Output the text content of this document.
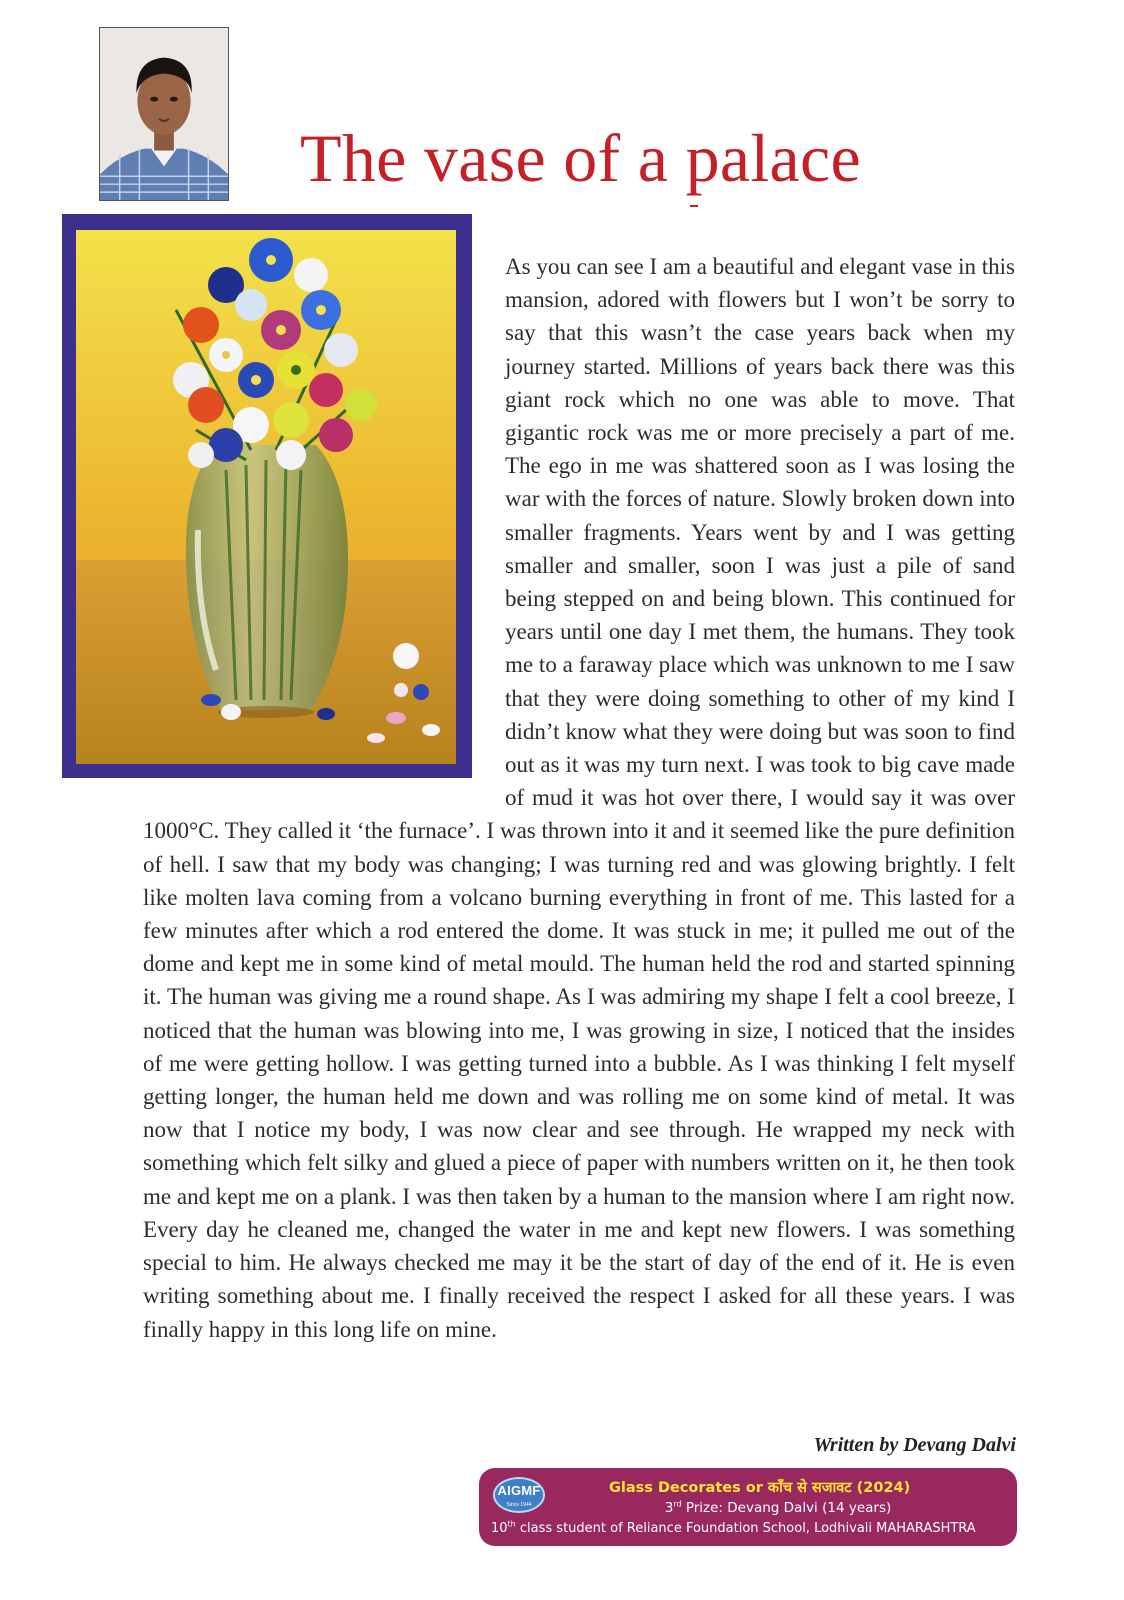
The vase of a palace

As you can see I am a beautiful and elegant vase in this mansion, adored with flowers but I won’t be sorry to say that this wasn’t the case years back when my journey started. Millions of years back there was this giant rock which no one was able to move. That gigantic rock was me or more precisely a part of me. The ego in me was shattered soon as I was losing the war with the forces of nature. Slowly broken down into smaller fragments. Years went by and I was getting smaller and smaller, soon I was just a pile of sand being stepped on and being blown. This continued for years until one day I met them, the humans. They took me to a faraway place which was unknown to me I saw that they were doing something to other of my kind I didn’t know what they were doing but was soon to find out as it was my turn next. I was took to big cave made of mud it was hot over there, I would say it was over 1000°C. They called it ‘the furnace’. I was thrown into it and it seemed like the pure definition of hell. I saw that my body was changing; I was turning red and was glowing brightly. I felt like molten lava coming from a volcano burning everything in front of me. This lasted for a few minutes after which a rod entered the dome. It was stuck in me; it pulled me out of the dome and kept me in some kind of metal mould. The human held the rod and started spinning it. The human was giving me a round shape. As I was admiring my shape I felt a cool breeze, I noticed that the human was blowing into me, I was growing in size, I noticed that the insides of me were getting hollow. I was getting turned into a bubble. As I was thinking I felt myself getting longer, the human held me down and was rolling me on some kind of metal. It was now that I notice my body, I was now clear and see through. He wrapped my neck with something which felt silky and glued a piece of paper with numbers written on it, he then took me and kept me on a plank. I was then taken by a human to the mansion where I am right now. Every day he cleaned me, changed the water in me and kept new flowers. I was something special to him. He always checked me may it be the start of day of the end of it. He is even writing something about me. I finally received the respect I asked for all these years. I was finally happy in this long life on mine.

Written by Devang Dalvi
AIGMF
Since 1944
Glass Decorates or काँच से सजावट (2024)
3rd Prize: Devang Dalvi (14 years)
10th class student of Reliance Foundation School, Lodhivali MAHARASHTRA
